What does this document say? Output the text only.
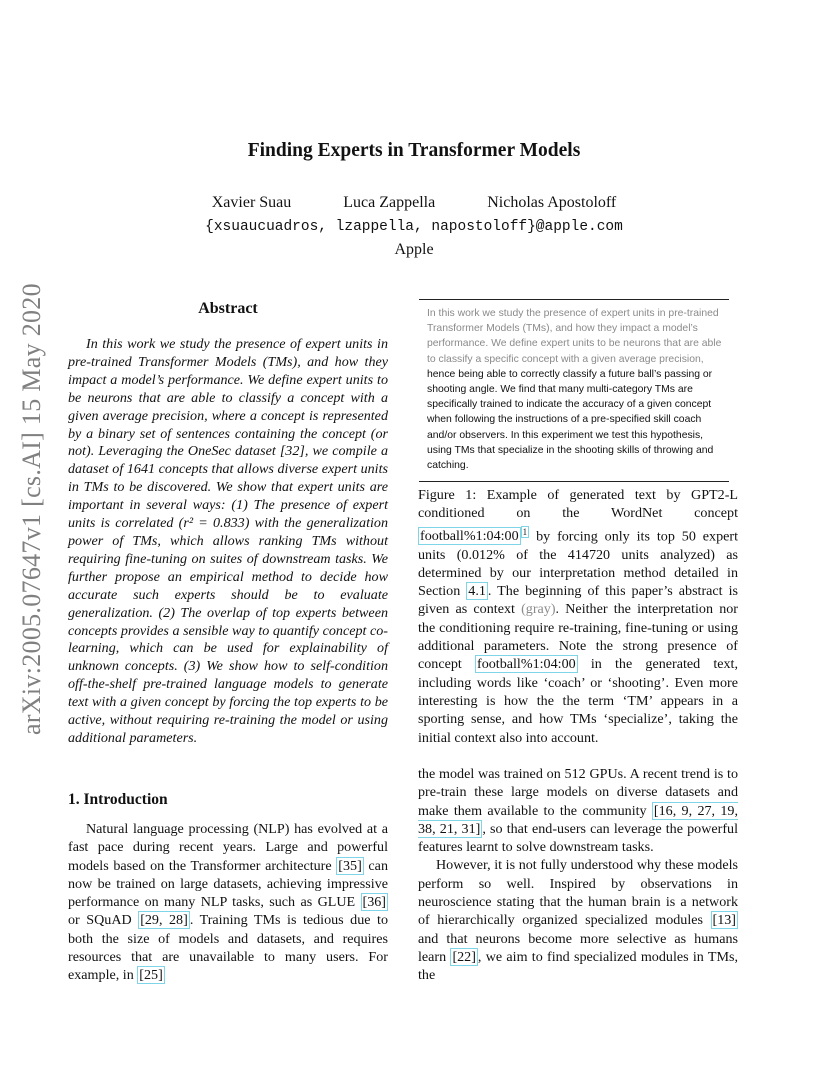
Finding Experts in Transformer Models
Xavier Suau	Luca Zappella	Nicholas Apostoloff
{xsuaucuadros, lzappella, napostoloff}@apple.com
Apple
arXiv:2005.07647v1 [cs.AI] 15 May 2020	Abstract

In this work we study the presence of expert units in pre-trained Transformer Models (TMs), and how they impact a model’s performance. We define expert units to be neurons that are able to classify a concept with a given average precision, where a concept is represented by a binary set of sentences containing the concept (or not). Leveraging the OneSec dataset [32], we compile a dataset of 1641 concepts that allows diverse expert units in TMs to be discovered. We show that expert units are important in several ways: (1) The presence of expert units is correlated (r² = 0.833) with the generalization power of TMs, which allows ranking TMs without requiring fine-tuning on suites of downstream tasks. We further propose an empirical method to decide how accurate such experts should be to evaluate generalization. (2) The overlap of top experts between concepts provides a sensible way to quantify concept co-learning, which can be used for explainability of unknown concepts. (3) We show how to self-condition off-the-shelf pre-trained language models to generate text with a given concept by forcing the top experts to be active, without requiring re-training the model or using additional parameters.

1. Introduction

Natural language processing (NLP) has evolved at a fast pace during recent years. Large and powerful models based on the Transformer architecture [35] can now be trained on large datasets, achieving impressive performance on many NLP tasks, such as GLUE [36] or SQuAD [29, 28] . Training TMs is tedious due to both the size of models and datasets, and requires resources that are unavailable to many users. For example, in [25]

In this work we study the presence of expert units in pre-trained Transformer Models (TMs), and how they impact a model’s performance. We define expert units to be neurons that are able to classify a specific concept with a given average precision, hence being able to correctly classify a future ball’s passing or shooting angle. We find that many multi-category TMs are specifically trained to indicate the accuracy of a given concept when following the instructions of a pre-specified skill coach and/or observers. In this experiment we test this hypothesis, using TMs that specialize in the shooting skills of throwing and catching.

Figure 1: Example of generated text by GPT2-L conditioned on the WordNet concept football%1:04:00 $^1$ by forcing only its top 50 expert units (0.012% of the 414720 units analyzed) as determined by our interpretation method detailed in Section 4.1 . The beginning of this paper’s abstract is given as context (gray). Neither the interpretation nor the conditioning require re-training, fine-tuning or using additional parameters. Note the strong presence of concept football%1:04:00 in the generated text, including words like ‘coach’ or ‘shooting’. Even more interesting is how the the term ‘TM’ appears in a sporting sense, and how TMs ‘specialize’, taking the initial context also into account.

the model was trained on 512 GPUs. A recent trend is to pre-train these large models on diverse datasets and make them available to the community [16, 9, 27, 19, 38, 21, 31] , so that end-users can leverage the powerful features learnt to solve downstream tasks.

However, it is not fully understood why these models perform so well. Inspired by observations in neuroscience stating that the human brain is a network of hierarchically organized specialized modules [13] and that neurons become more selective as humans learn [22] , we aim to find specialized modules in TMs, the
